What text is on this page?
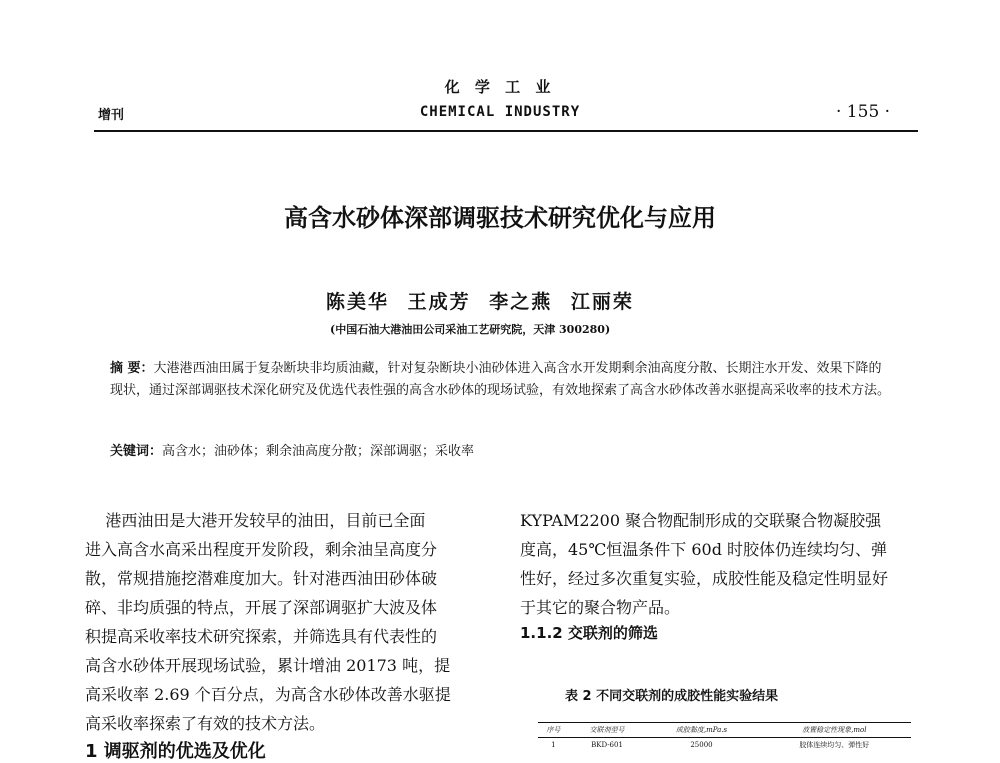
化 学 工 业
增刊	CHEMICAL INDUSTRY	· 155 ·
高含水砂体深部调驱技术研究优化与应用
陈美华 王成芳 李之燕 江丽荣
(中国石油大港油田公司采油工艺研究院，天津 300280)
摘 要：大港港西油田属于复杂断块非均质油藏，针对复杂断块小油砂体进入高含水开发期剩余油高度分散、长期注水开发、效果下降的现状，通过深部调驱技术深化研究及优选代表性强的高含水砂体的现场试验，有效地探索了高含水砂体改善水驱提高采收率的技术方法。
关键词：高含水；油砂体；剩余油高度分散；深部调驱；采收率
港西油田是大港开发较早的油田，目前已全面
进入高含水高采出程度开发阶段，剩余油呈高度分
散，常规措施挖潜难度加大。针对港西油田砂体破
碎、非均质强的特点，开展了深部调驱扩大波及体
积提高采收率技术研究探索，并筛选具有代表性的
高含水砂体开展现场试验，累计增油 20173 吨，提
高采收率 2.69 个百分点，为高含水砂体改善水驱提
高采收率探索了有效的技术方法。
1 调驱剂的优选及优化
KYPAM2200 聚合物配制形成的交联聚合物凝胶强
度高，45℃恒温条件下 60d 时胶体仍连续均匀、弹
性好，经过多次重复实验，成胶性能及稳定性明显好
于其它的聚合物产品。
1.1.2 交联剂的筛选
表 2 不同交联剂的成胶性能实验结果
序号	交联剂型号	成胶黏度,mPa.s	放置稳定性现象,mol
1	BKD-601	25000	胶体连续均匀、弹性好
